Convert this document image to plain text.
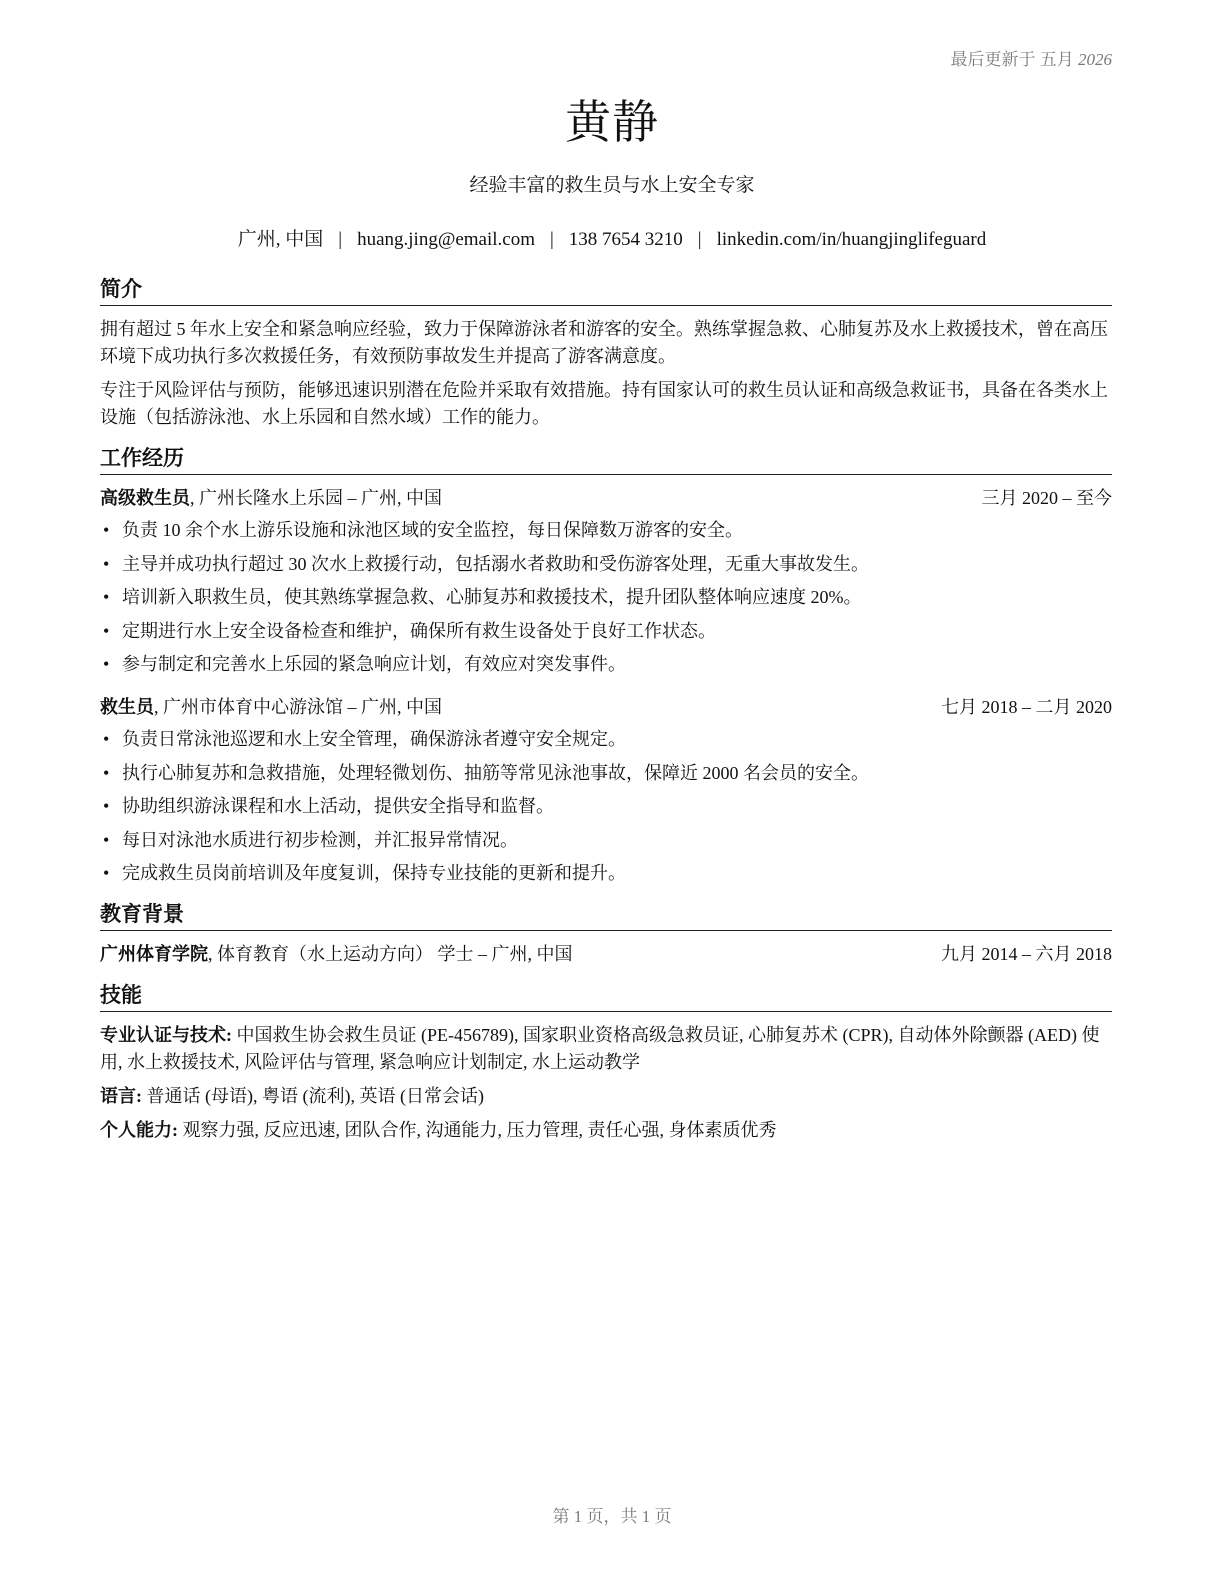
最后更新于 五月 2026
黄静
经验丰富的救生员与水上安全专家
广州, 中国 | huang.jing@email.com | 138 7654 3210 | linkedin.com/in/huangjinglifeguard
简介

拥有超过 5 年水上安全和紧急响应经验，致力于保障游泳者和游客的安全。熟练掌握急救、心肺复苏及水上救援技术，曾在高压环境下成功执行多次救援任务，有效预防事故发生并提高了游客满意度。

专注于风险评估与预防，能够迅速识别潜在危险并采取有效措施。持有国家认可的救生员认证和高级急救证书，具备在各类水上设施（包括游泳池、水上乐园和自然水域）工作的能力。

工作经历
高级救生员, 广州长隆水上乐园 – 广州, 中国	三月 2020 – 至今
• 负责 10 余个水上游乐设施和泳池区域的安全监控，每日保障数万游客的安全。
• 主导并成功执行超过 30 次水上救援行动，包括溺水者救助和受伤游客处理，无重大事故发生。
• 培训新入职救生员，使其熟练掌握急救、心肺复苏和救援技术，提升团队整体响应速度 20%。
• 定期进行水上安全设备检查和维护，确保所有救生设备处于良好工作状态。
• 参与制定和完善水上乐园的紧急响应计划，有效应对突发事件。
救生员, 广州市体育中心游泳馆 – 广州, 中国	七月 2018 – 二月 2020
• 负责日常泳池巡逻和水上安全管理，确保游泳者遵守安全规定。
• 执行心肺复苏和急救措施，处理轻微划伤、抽筋等常见泳池事故，保障近 2000 名会员的安全。
• 协助组织游泳课程和水上活动，提供安全指导和监督。
• 每日对泳池水质进行初步检测，并汇报异常情况。
• 完成救生员岗前培训及年度复训，保持专业技能的更新和提升。
教育背景
广州体育学院, 体育教育（水上运动方向） 学士 – 广州, 中国	九月 2014 – 六月 2018
技能

专业认证与技术: 中国救生协会救生员证 (PE-456789), 国家职业资格高级急救员证, 心肺复苏术 (CPR), 自动体外除颤器 (AED) 使用, 水上救援技术, 风险评估与管理, 紧急响应计划制定, 水上运动教学

语言: 普通话 (母语), 粤语 (流利), 英语 (日常会话)

个人能力: 观察力强, 反应迅速, 团队合作, 沟通能力, 压力管理, 责任心强, 身体素质优秀

第 1 页，共 1 页
